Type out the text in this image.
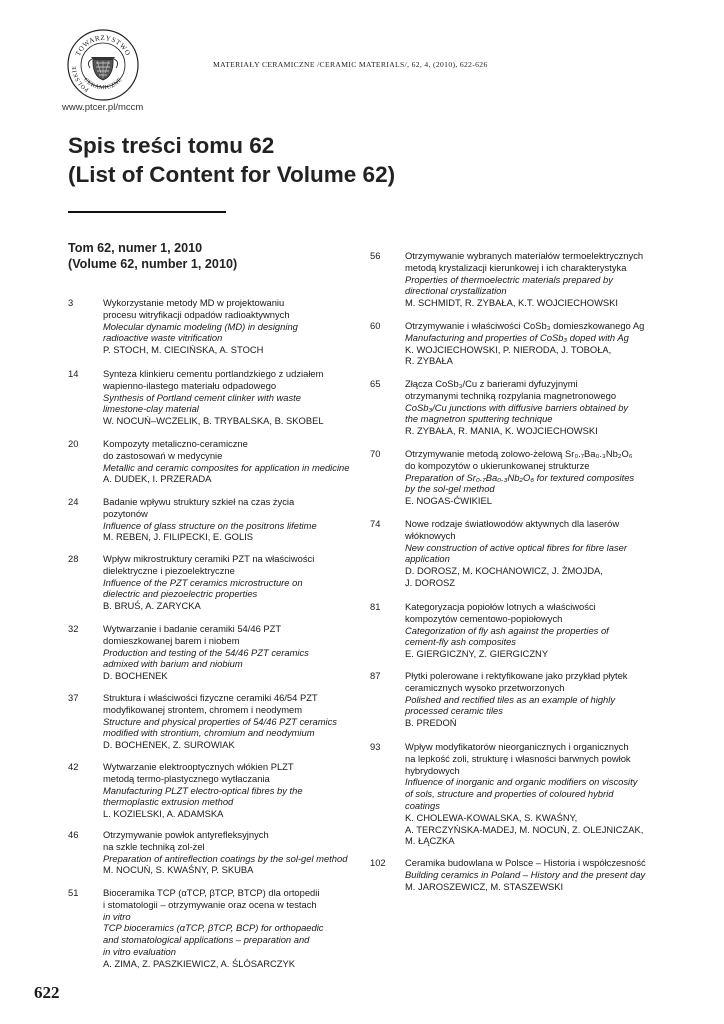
TOWARZYSTWO
POLSKIE
CERAMICZNE
www.ptcer.pl/mccm
MATERIAŁY CERAMICZNE /CERAMIC MATERIALS/, 62, 4, (2010), 622-626
Spis treści tomu 62
(List of Content for Volume 62)
Tom 62, numer 1, 2010
(Volume 62, number 1, 2010)
3	Wykorzystanie metody MD w projektowaniu
procesu witryfikacji odpadów radioaktywnych
Molecular dynamic modeling (MD) in designing
radioactive waste vitrification
P. STOCH, M. CIECIŃSKA, A. STOCH
14	Synteza klinkieru cementu portlandzkiego z udziałem
wapienno-ilastego materiału odpadowego
Synthesis of Portland cement clinker with waste
limestone-clay material
W. NOCUŃ–WCZELIK, B. TRYBALSKA, B. SKOBEL
20	Kompozyty metaliczno-ceramiczne
do zastosowań w medycynie
Metallic and ceramic composites for application in medicine
A. DUDEK, I. PRZERADA
24	Badanie wpływu struktury szkieł na czas życia
pozytonów
Influence of glass structure on the positrons lifetime
M. REBEN, J. FILIPECKI, E. GOLIS
28	Wpływ mikrostruktury ceramiki PZT na właściwości
dielektryczne i piezoelektryczne
Influence of the PZT ceramics microstructure on
dielectric and piezoelectric properties
B. BRUŚ, A. ZARYCKA
32	Wytwarzanie i badanie ceramiki 54/46 PZT
domieszkowanej barem i niobem
Production and testing of the 54/46 PZT ceramics
admixed with barium and niobium
D. BOCHENEK
37	Struktura i właściwości fizyczne ceramiki 46/54 PZT
modyfikowanej strontem, chromem i neodymem
Structure and physical properties of 54/46 PZT ceramics
modified with strontium, chromium and neodymium
D. BOCHENEK, Z. SUROWIAK
42	Wytwarzanie elektrooptycznych włókien PLZT
metodą termo-plastycznego wytłaczania
Manufacturing PLZT electro-optical fibres by the
thermoplastic extrusion method
L. KOZIELSKI, A. ADAMSKA
46	Otrzymywanie powłok antyrefleksyjnych
na szkle techniką zol-żel
Preparation of antireflection coatings by the sol-gel method
M. NOCUŃ, S. KWAŚNY, P. SKUBA
51	Bioceramika TCP (αTCP, βTCP, BTCP) dla ortopedii
i stomatologii – otrzymywanie oraz ocena w testach
in vitro
TCP bioceramics (αTCP, βTCP, BCP) for orthopaedic
and stomatological applications – preparation and
in vitro evaluation
A. ZIMA, Z. PASZKIEWICZ, A. ŚLÓSARCZYK
56	Otrzymywanie wybranych materiałów termoelektrycznych
metodą krystalizacji kierunkowej i ich charakterystyka
Properties of thermoelectric materials prepared by
directional crystallization
M. SCHMIDT, R. ZYBAŁA, K.T. WOJCIECHOWSKI
60	Otrzymywanie i właściwości CoSb₃ domieszkowanego Ag
Manufacturing and properties of CoSb₃ doped with Ag
K. WOJCIECHOWSKI, P. NIERODA, J. TOBOŁA,
R. ZYBAŁA
65	Złącza CoSb₃/Cu z barierami dyfuzyjnymi
otrzymanymi techniką rozpylania magnetronowego
CoSb₃/Cu junctions with diffusive barriers obtained by
the magnetron sputtering technique
R. ZYBAŁA, R. MANIA, K. WOJCIECHOWSKI
70	Otrzymywanie metodą zolowo-żelową Sr₀.₇Ba₀.₃Nb₂O₆
do kompozytów o ukierunkowanej strukturze
Preparation of Sr₀.₇Ba₀.₃Nb₂O₆ for textured composites
by the sol-gel method
E. NOGAS-ĆWIKIEL
74	Nowe rodzaje światłowodów aktywnych dla laserów
włóknowych
New construction of active optical fibres for fibre laser
application
D. DOROSZ, M. KOCHANOWICZ, J. ŻMOJDA,
J. DOROSZ
81	Kategoryzacja popiołów lotnych a właściwości
kompozytów cementowo-popiołowych
Categorization of fly ash against the properties of
cement-fly ash composites
E. GIERGICZNY, Z. GIERGICZNY
87	Płytki polerowane i rektyfikowane jako przykład płytek
ceramicznych wysoko przetworzonych
Polished and rectified tiles as an example of highly
processed ceramic tiles
B. PREDOŃ
93	Wpływ modyfikatorów nieorganicznych i organicznych
na lepkość zoli, strukturę i własności barwnych powłok
hybrydowych
Influence of inorganic and organic modifiers on viscosity
of sols, structure and properties of coloured hybrid
coatings
K. CHOLEWA-KOWALSKA, S. KWAŚNY,
A. TERCZYŃSKA-MADEJ, M. NOCUŃ, Z. OLEJNICZAK,
M. ŁĄCZKA
102 Ceramika budowlana w Polsce – Historia i współczesność
Building ceramics in Poland – History and the present day
M. JAROSZEWICZ, M. STASZEWSKI
622
